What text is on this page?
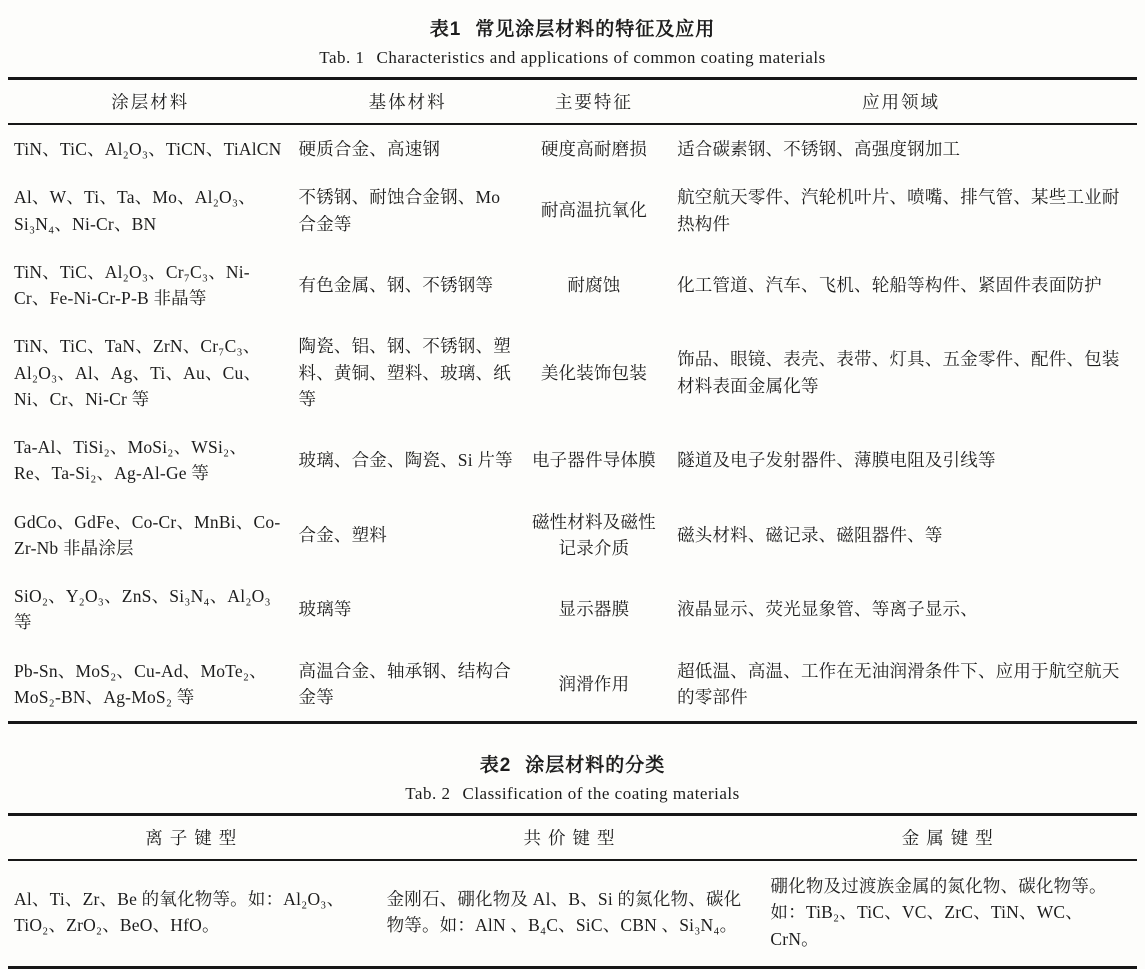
表1 常见涂层材料的特征及应用
Tab. 1 Characteristics and applications of common coating materials
涂层材料	基体材料	主要特征	应用领域
TiN、TiC、Al₂O₃、TiCN、TiAlCN	硬质合金、高速钢	硬度高耐磨损	适合碳素钢、不锈钢、高强度钢加工
Al、W、Ti、Ta、Mo、Al₂O₃、Si₃N₄、Ni-Cr、BN	不锈钢、耐蚀合金钢、Mo 合金等	耐高温抗氧化	航空航天零件、汽轮机叶片、喷嘴、排气管、某些工业耐热构件
TiN、TiC、Al₂O₃、Cr₇C₃、Ni-Cr、Fe-Ni-Cr-P-B 非晶等	有色金属、钢、不锈钢等	耐腐蚀	化工管道、汽车、飞机、轮船等构件、紧固件表面防护
TiN、TiC、TaN、ZrN、Cr₇C₃、Al₂O₃、Al、Ag、Ti、Au、Cu、Ni、Cr、Ni-Cr 等	陶瓷、铝、钢、不锈钢、塑料、黄铜、塑料、玻璃、纸等	美化装饰包装	饰品、眼镜、表壳、表带、灯具、五金零件、配件、包装材料表面金属化等
Ta-Al、TiSi₂、MoSi₂、WSi₂、Re、Ta-Si₂、Ag-Al-Ge 等	玻璃、合金、陶瓷、Si 片等	电子器件导体膜	隧道及电子发射器件、薄膜电阻及引线等
GdCo、GdFe、Co-Cr、MnBi、Co-Zr-Nb 非晶涂层	合金、塑料	磁性材料及磁性记录介质	磁头材料、磁记录、磁阻器件、等
SiO₂、Y₂O₃、ZnS、Si₃N₄、Al₂O₃ 等	玻璃等	显示器膜	液晶显示、荧光显象管、等离子显示、
Pb-Sn、MoS₂、Cu-Ad、MoTe₂、MoS₂-BN、Ag-MoS₂ 等	高温合金、轴承钢、结构合金等	润滑作用	超低温、高温、工作在无油润滑条件下、应用于航空航天的零部件
表2 涂层材料的分类
Tab. 2 Classification of the coating materials
离子键型	共价键型	金属键型
Al、Ti、Zr、Be 的氧化物等。如：Al₂O₃、TiO₂、ZrO₂、BeO、HfO。	金刚石、硼化物及 Al、B、Si 的氮化物、碳化物等。如：AlN 、B₄C、SiC、CBN 、Si₃N₄。	硼化物及过渡族金属的氮化物、碳化物等。如：TiB₂、TiC、VC、ZrC、TiN、WC、CrN。
